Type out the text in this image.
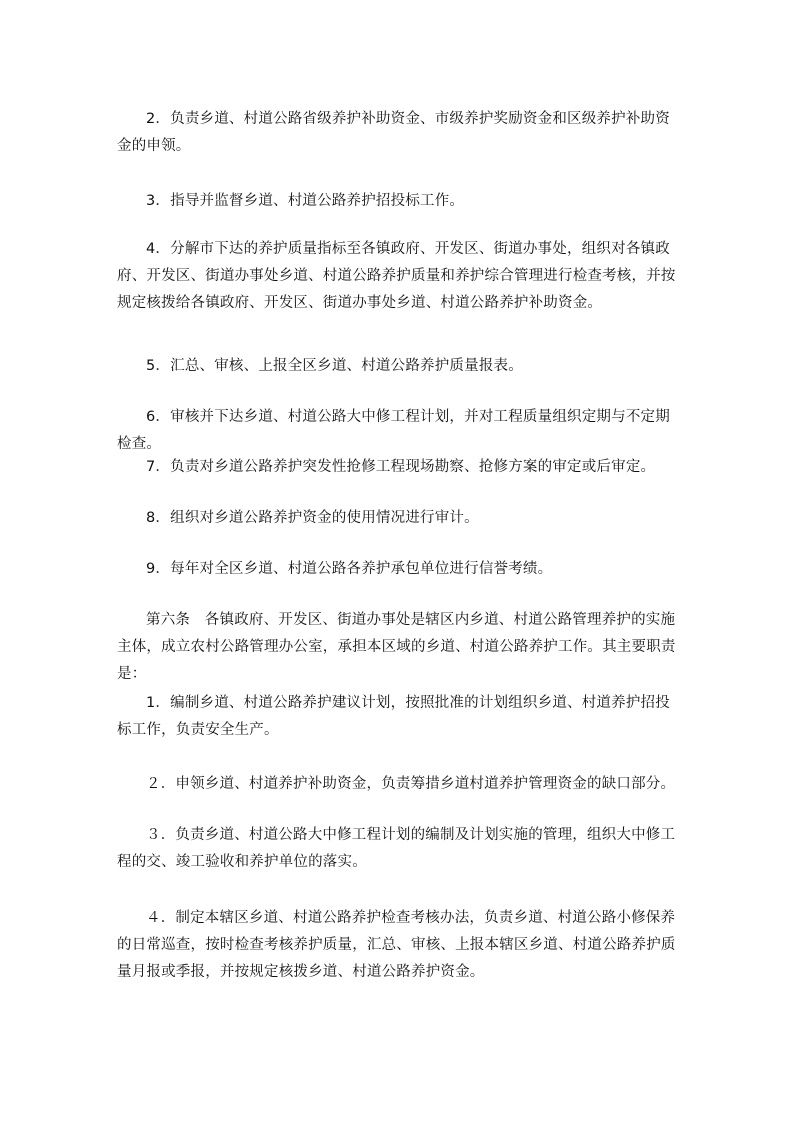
2．负责乡道、村道公路省级养护补助资金、市级养护奖励资金和区级养护补助资金的申领。

3．指导并监督乡道、村道公路养护招投标工作。

4．分解市下达的养护质量指标至各镇政府、开发区、街道办事处，组织对各镇政府、开发区、街道办事处乡道、村道公路养护质量和养护综合管理进行检查考核，并按规定核拨给各镇政府、开发区、街道办事处乡道、村道公路养护补助资金。

5．汇总、审核、上报全区乡道、村道公路养护质量报表。

6．审核并下达乡道、村道公路大中修工程计划，并对工程质量组织定期与不定期检查。

7．负责对乡道公路养护突发性抢修工程现场勘察、抢修方案的审定或后审定。

8．组织对乡道公路养护资金的使用情况进行审计。

9．每年对全区乡道、村道公路各养护承包单位进行信誉考绩。

第六条　各镇政府、开发区、街道办事处是辖区内乡道、村道公路管理养护的实施主体，成立农村公路管理办公室，承担本区域的乡道、村道公路养护工作。其主要职责是：

1．编制乡道、村道公路养护建议计划，按照批准的计划组织乡道、村道养护招投标工作，负责安全生产。

２．申领乡道、村道养护补助资金，负责筹措乡道村道养护管理资金的缺口部分。

３．负责乡道、村道公路大中修工程计划的编制及计划实施的管理，组织大中修工程的交、竣工验收和养护单位的落实。

４．制定本辖区乡道、村道公路养护检查考核办法，负责乡道、村道公路小修保养的日常巡查，按时检查考核养护质量，汇总、审核、上报本辖区乡道、村道公路养护质量月报或季报，并按规定核拨乡道、村道公路养护资金。
